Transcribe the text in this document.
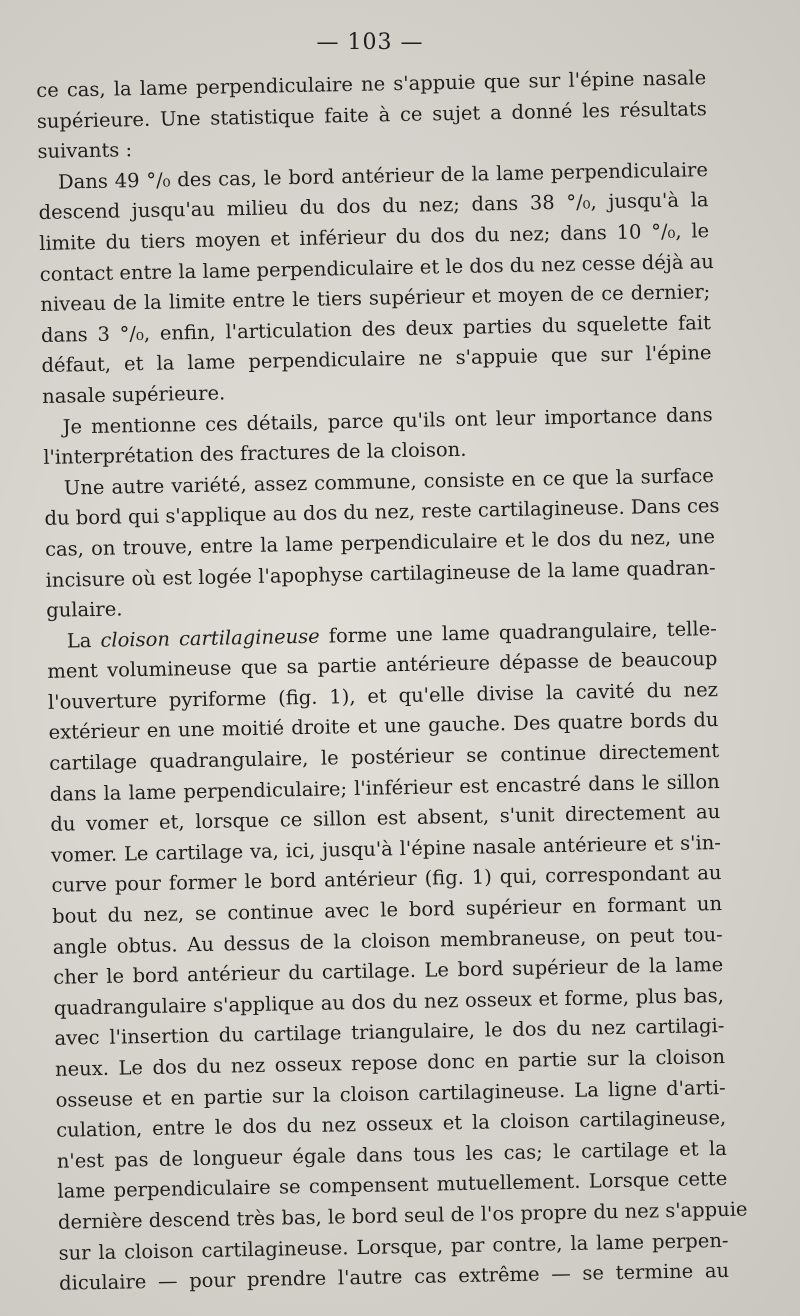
— 103 —
ce cas, la lame perpendiculaire ne s'appuie que sur l'épine nasale
supérieure. Une statistique faite à ce sujet a donné les résultats
suivants :
Dans 49 °/₀ des cas, le bord antérieur de la lame perpendiculaire
descend jusqu'au milieu du dos du nez; dans 38 °/₀, jusqu'à la
limite du tiers moyen et inférieur du dos du nez; dans 10 °/₀, le
contact entre la lame perpendiculaire et le dos du nez cesse déjà au
niveau de la limite entre le tiers supérieur et moyen de ce dernier;
dans 3 °/₀, enfin, l'articulation des deux parties du squelette fait
défaut, et la lame perpendiculaire ne s'appuie que sur l'épine
nasale supérieure.
Je mentionne ces détails, parce qu'ils ont leur importance dans
l'interprétation des fractures de la cloison.
Une autre variété, assez commune, consiste en ce que la surface
du bord qui s'applique au dos du nez, reste cartilagineuse. Dans ces
cas, on trouve, entre la lame perpendiculaire et le dos du nez, une
incisure où est logée l'apophyse cartilagineuse de la lame quadran-
gulaire.
La cloison cartilagineuse forme une lame quadrangulaire, telle-
ment volumineuse que sa partie antérieure dépasse de beaucoup
l'ouverture pyriforme (fig. 1), et qu'elle divise la cavité du nez
extérieur en une moitié droite et une gauche. Des quatre bords du
cartilage quadrangulaire, le postérieur se continue directement
dans la lame perpendiculaire; l'inférieur est encastré dans le sillon
du vomer et, lorsque ce sillon est absent, s'unit directement au
vomer. Le cartilage va, ici, jusqu'à l'épine nasale antérieure et s'in-
curve pour former le bord antérieur (fig. 1) qui, correspondant au
bout du nez, se continue avec le bord supérieur en formant un
angle obtus. Au dessus de la cloison membraneuse, on peut tou-
cher le bord antérieur du cartilage. Le bord supérieur de la lame
quadrangulaire s'applique au dos du nez osseux et forme, plus bas,
avec l'insertion du cartilage triangulaire, le dos du nez cartilagi-
neux. Le dos du nez osseux repose donc en partie sur la cloison
osseuse et en partie sur la cloison cartilagineuse. La ligne d'arti-
culation, entre le dos du nez osseux et la cloison cartilagineuse,
n'est pas de longueur égale dans tous les cas; le cartilage et la
lame perpendiculaire se compensent mutuellement. Lorsque cette
dernière descend très bas, le bord seul de l'os propre du nez s'appuie
sur la cloison cartilagineuse. Lorsque, par contre, la lame perpen-
diculaire — pour prendre l'autre cas extrême — se termine au
